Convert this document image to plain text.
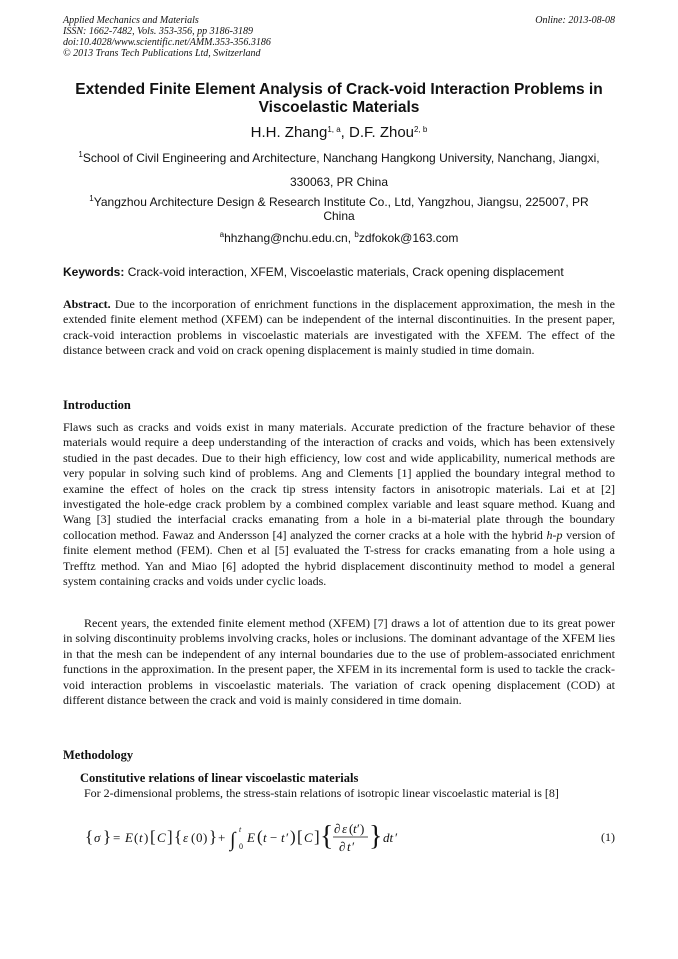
Applied Mechanics and Materials
ISSN: 1662-7482, Vols. 353-356, pp 3186-3189
doi:10.4028/www.scientific.net/AMM.353-356.3186
© 2013 Trans Tech Publications Ltd, Switzerland
Online: 2013-08-08
Extended Finite Element Analysis of Crack-void Interaction Problems in Viscoelastic Materials
H.H. Zhang$^{1, a}$, D.F. Zhou$^{2, b}$
$^1$School of Civil Engineering and Architecture, Nanchang Hangkong University, Nanchang, Jiangxi,
330063, PR China
$^1$Yangzhou Architecture Design & Research Institute Co., Ltd, Yangzhou, Jiangsu, 225007, PR
China
$^a$hhzhang@nchu.edu.cn, $^b$zdfokok@163.com
Keywords: Crack-void interaction, XFEM, Viscoelastic materials, Crack opening displacement
Abstract. Due to the incorporation of enrichment functions in the displacement approximation, the mesh in the extended finite element method (XFEM) can be independent of the internal discontinuities. In the present paper, crack-void interaction problems in viscoelastic materials are investigated with the XFEM. The effect of the distance between crack and void on crack opening displacement is mainly studied in time domain.
Introduction
Flaws such as cracks and voids exist in many materials. Accurate prediction of the fracture behavior of these materials would require a deep understanding of the interaction of cracks and voids, which has been extensively studied in the past decades. Due to their high efficiency, low cost and wide applicability, numerical methods are very popular in solving such kind of problems. Ang and Clements [1] applied the boundary integral method to examine the effect of holes on the crack tip stress intensity factors in anisotropic materials. Lai et at [2] investigated the hole-edge crack problem by a combined complex variable and least square method. Kuang and Wang [3] studied the interfacial cracks emanating from a hole in a bi-material plate through the boundary collocation method. Fawaz and Andersson [4] analyzed the corner cracks at a hole with the hybrid h-p version of finite element method (FEM). Chen et al [5] evaluated the T-stress for cracks emanating from a hole using a Trefftz method. Yan and Miao [6] adopted the hybrid displacement discontinuity method to model a general system containing cracks and voids under cyclic loads.
Recent years, the extended finite element method (XFEM) [7] draws a lot of attention due to its great power in solving discontinuity problems involving cracks, holes or inclusions. The dominant advantage of the XFEM lies in that the mesh can be independent of any internal boundaries due to the use of problem-associated enrichment functions in the approximation. In the present paper, the XFEM in its incremental form is used to tackle the crack-void interaction problems in viscoelastic materials. The variation of crack opening displacement (COD) at different distance between the crack and void is mainly considered in time domain.
Methodology
Constitutive relations of linear viscoelastic materials
For 2-dimensional problems, the stress-stain relations of isotropic linear viscoelastic material is [8]
{ σ } = E ( t ) [ C ] { ε ( 0 ) } + ∫ 0
t
E ( t − t ′ ) [ C ] { ∂ ε ( t ′ )
∂ t ′ } dt ′	(1)
